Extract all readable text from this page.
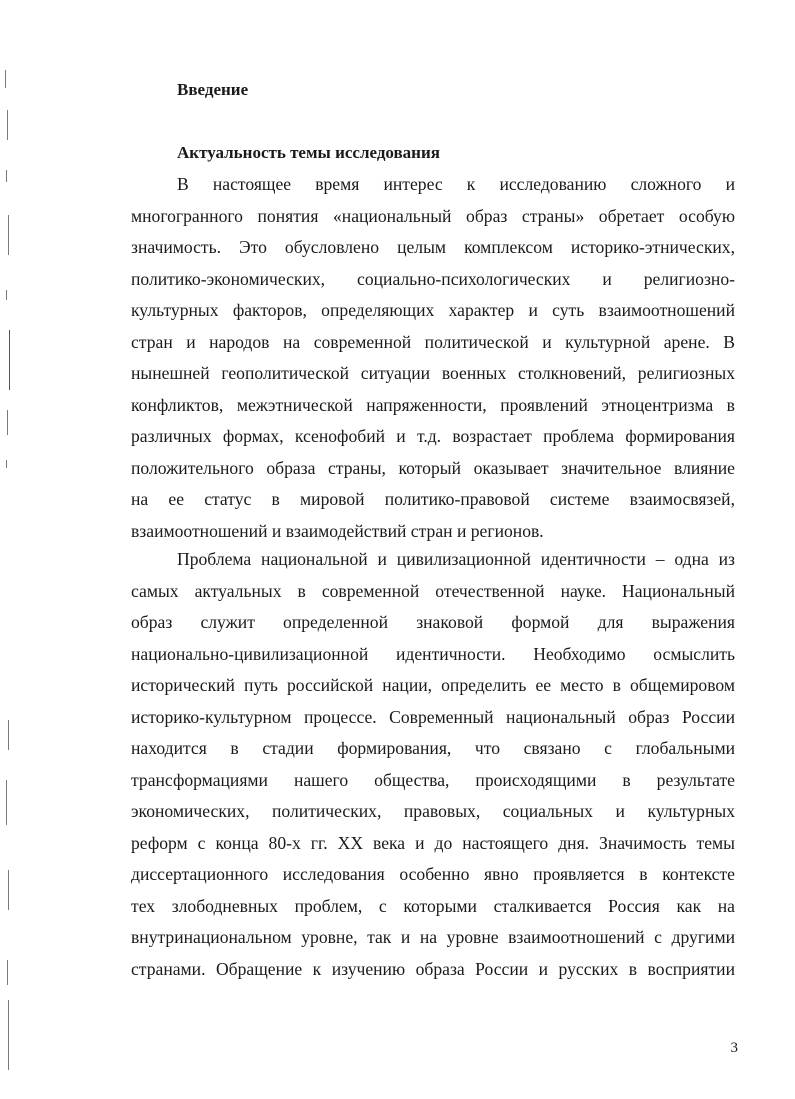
Введение
Актуальность темы исследования
В настоящее время интерес к исследованию сложного и
многогранного понятия «национальный образ страны» обретает особую
значимость. Это обусловлено целым комплексом историко-этнических,
политико-экономических, социально-психологических и религиозно-
культурных факторов, определяющих характер и суть взаимоотношений
стран и народов на современной политической и культурной арене. В
нынешней геополитической ситуации военных столкновений, религиозных
конфликтов, межэтнической напряженности, проявлений этноцентризма в
различных формах, ксенофобий и т.д. возрастает проблема формирования
положительного образа страны, который оказывает значительное влияние
на ее статус в мировой политико-правовой системе взаимосвязей,
взаимоотношений и взаимодействий стран и регионов.
Проблема национальной и цивилизационной идентичности – одна из
самых актуальных в современной отечественной науке. Национальный
образ служит определенной знаковой формой для выражения
национально-цивилизационной идентичности. Необходимо осмыслить
исторический путь российской нации, определить ее место в общемировом
историко-культурном процессе. Современный национальный образ России
находится в стадии формирования, что связано с глобальными
трансформациями нашего общества, происходящими в результате
экономических, политических, правовых, социальных и культурных
реформ с конца 80-х гг. XX века и до настоящего дня. Значимость темы
диссертационного исследования особенно явно проявляется в контексте
тех злободневных проблем, с которыми сталкивается Россия как на
внутринациональном уровне, так и на уровне взаимоотношений с другими
странами. Обращение к изучению образа России и русских в восприятии
3
